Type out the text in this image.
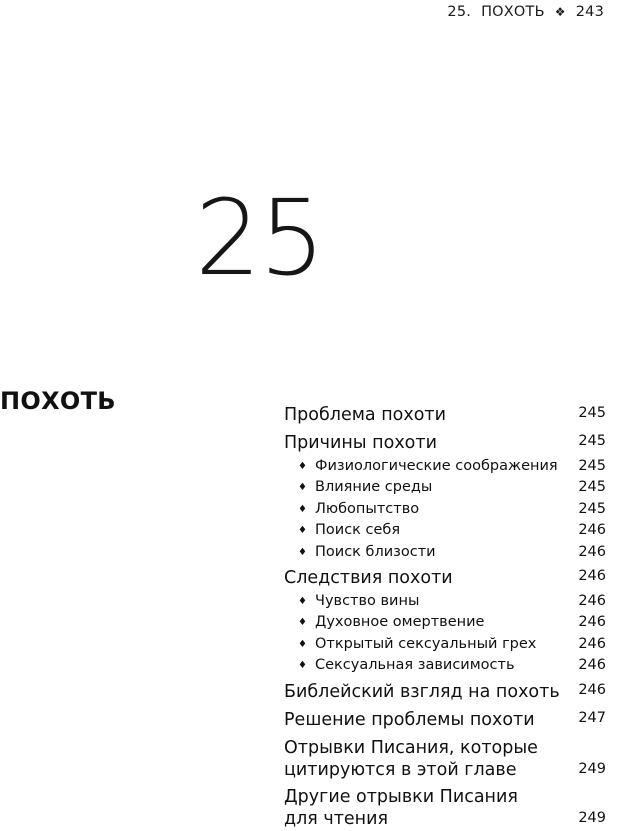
25. ПОХОТЬ ❖ 243
25
ПОХОТЬ	Проблема похоти	245
Причины похоти	245
♦ Физиологические соображения 245
♦ Влияние среды	245
♦ Любопытство	245
♦ Поиск себя	246
♦ Поиск близости	246
Следствия похоти	246
♦ Чувство вины	246
♦ Духовное омертвение	246
♦ Открытый сексуальный грех	246
♦ Сексуальная зависимость	246
Библейский взгляд на похоть 246
Решение проблемы похоти	247
Отрывки Писания, которые
цитируются в этой главе	249
Другие отрывки Писания
для чтения	249
